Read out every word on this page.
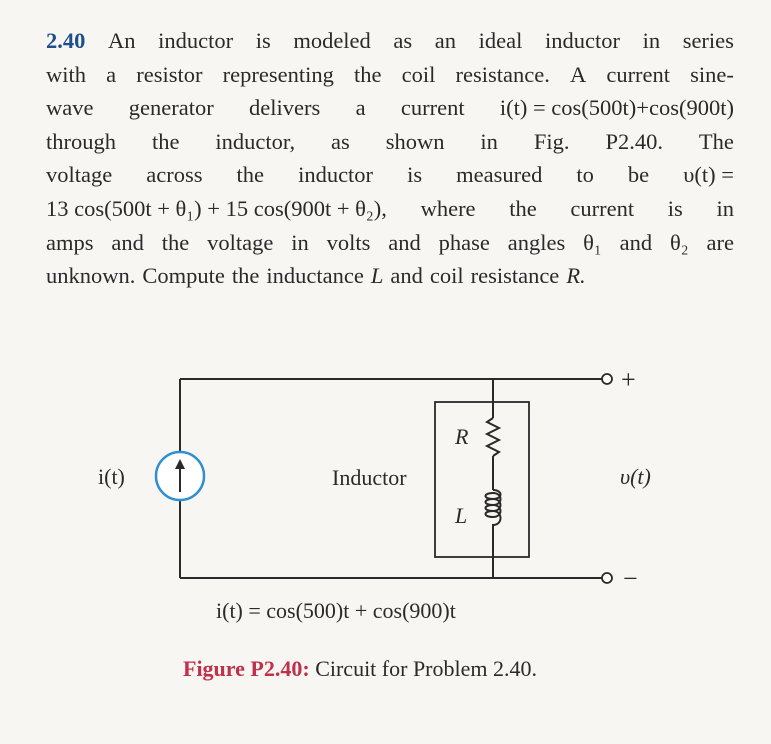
2.40 An inductor is modeled as an ideal inductor in series
with a resistor representing the coil resistance. A current sine-
wave generator delivers a current i(t) = cos(500t)+cos(900t)
through the inductor, as shown in Fig. P2.40. The
voltage across the inductor is measured to be υ(t) =
13 cos(500t + θ₁) + 15 cos(900t + θ₂), where the current is in
amps and the voltage in volts and phase angles θ₁ and θ₂ are
unknown. Compute the inductance L and coil resistance R.
i(t)	Inductor
R
L
υ(t)
+
−
i(t) = cos(500)t + cos(900)t
Figure P2.40: Circuit for Problem 2.40.
